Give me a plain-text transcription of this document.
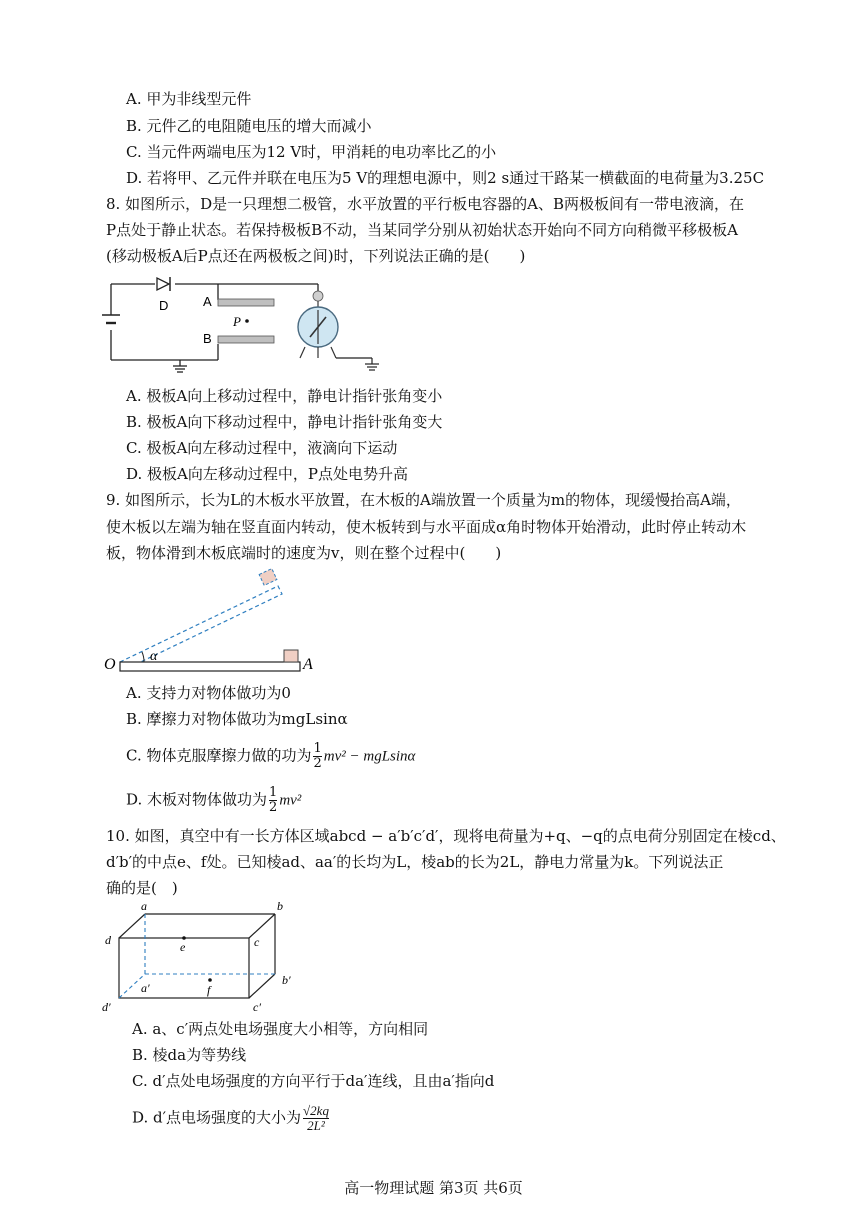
A. 甲为非线型元件
B. 元件乙的电阻随电压的增大而减小
C. 当元件两端电压为12 V时，甲消耗的电功率比乙的小
D. 若将甲、乙元件并联在电压为5 V的理想电源中，则2 s通过干路某一横截面的电荷量为3.25C
8. 如图所示，D是一只理想二极管，水平放置的平行板电容器的A、B两极板间有一带电液滴，在
P点处于静止状态。若保持极板B不动，当某同学分别从初始状态开始向不同方向稍微平移极板A
(移动极板A后P点还在两极板之间)时，下列说法正确的是(　　)
D	A
B
P
A. 极板A向上移动过程中，静电计指针张角变小
B. 极板A向下移动过程中，静电计指针张角变大
C. 极板A向左移动过程中，液滴向下运动
D. 极板A向左移动过程中，P点处电势升高
9. 如图所示，长为L的木板水平放置，在木板的A端放置一个质量为m的物体，现缓慢抬高A端，
使木板以左端为轴在竖直面内转动，使木板转到与水平面成α角时物体开始滑动，此时停止转动木
板，物体滑到木板底端时的速度为v，则在整个过程中(　　)
O α	A
A. 支持力对物体做功为0
B. 摩擦力对物体做功为mgLsinα
C. 物体克服摩擦力做的功为 $\frac{1}{2} mv^2 - mgLsin\alpha$
D. 木板对物体做功为 $\frac{1}{2} mv^2$
10. 如图，真空中有一长方体区域abcd − a′b′c′d′，现将电荷量为+q、−q的点电荷分别固定在棱cd、
d′b′的中点e、f处。已知棱ad、aa′的长均为L，棱ab的长为2L，静电力常量为k。下列说法正
确的是(　)
a	b
c
d	e
f
a′
b′
c′
d′
A. a、c′两点处电场强度大小相等，方向相同
B. 棱da为等势线
C. d′点处电场强度的方向平行于da′连线，且由a′指向d
D. d′点电场强度的大小为 $\frac{√2kq}{\text{2L²}}$
高一物理试题 第3页 共6页
